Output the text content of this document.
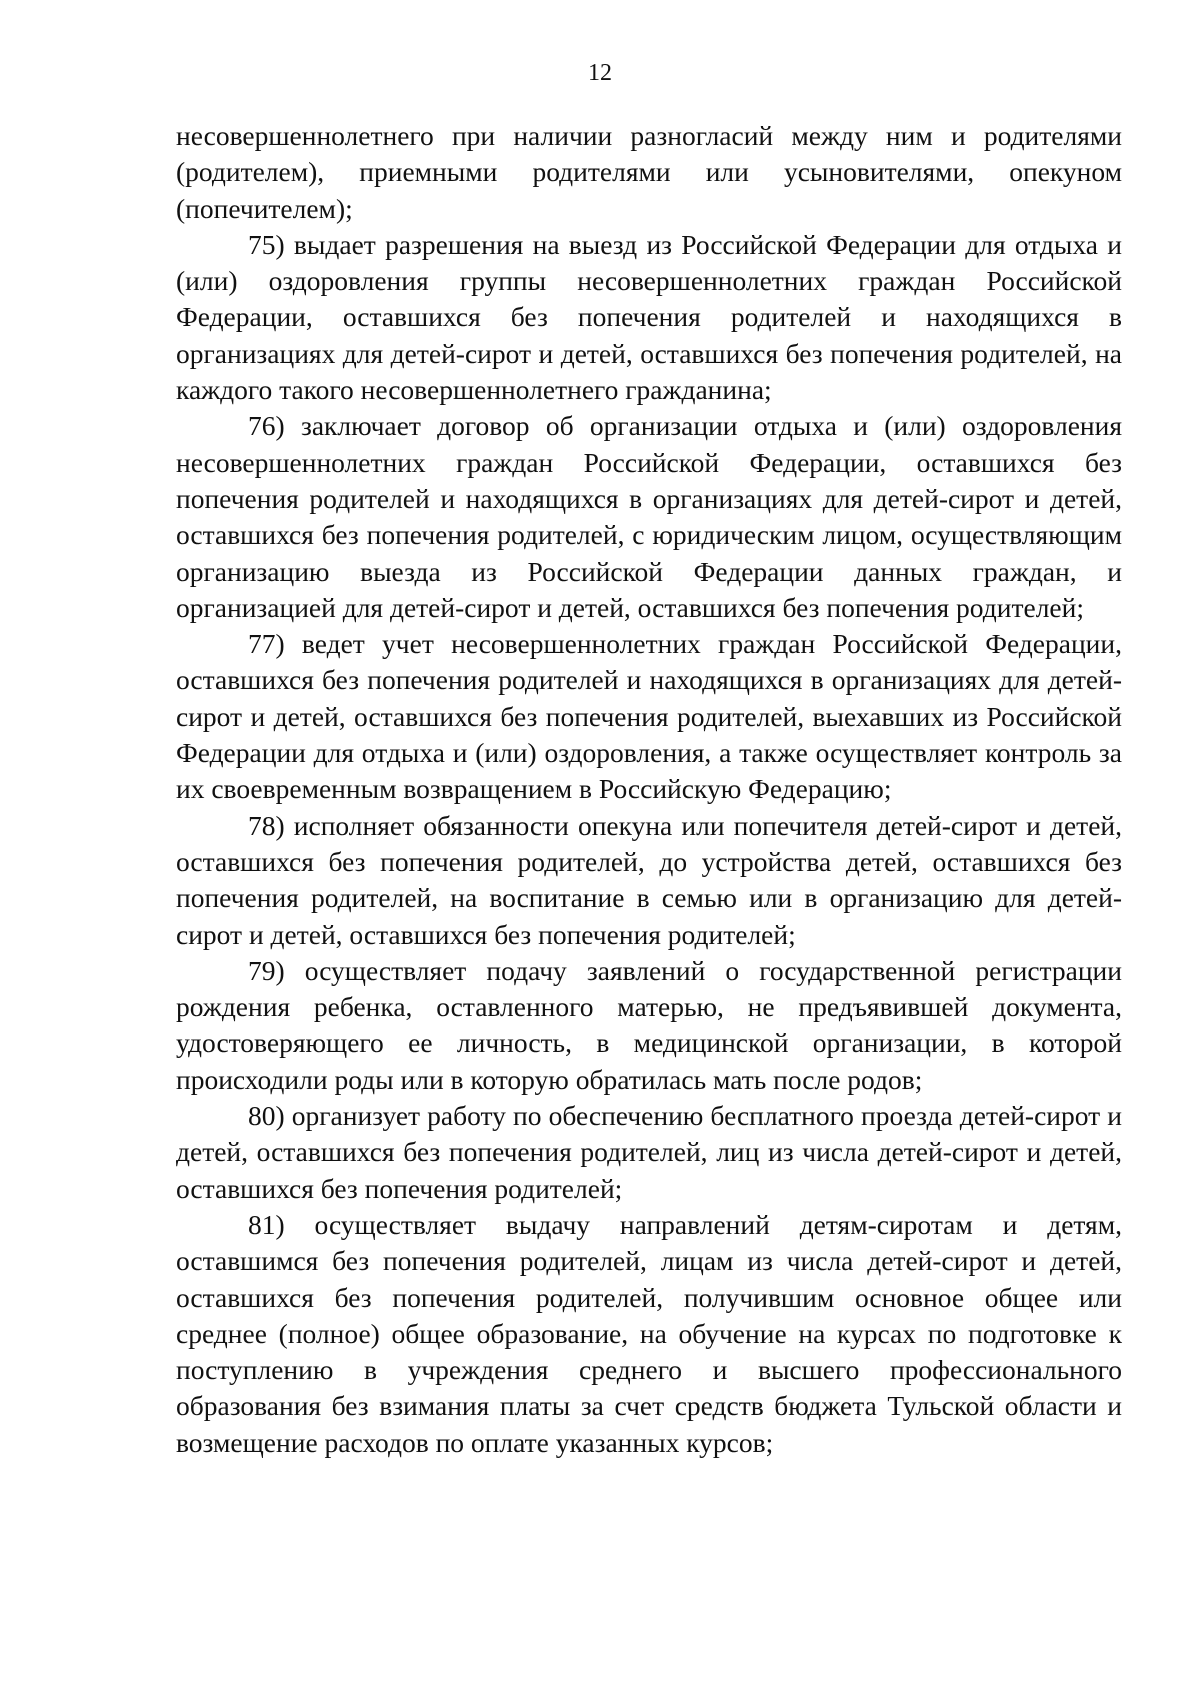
12

несовершеннолетнего при наличии разногласий между ним и родителями (родителем), приемными родителями или усыновителями, опекуном (попечителем);

75) выдает разрешения на выезд из Российской Федерации для отдыха и (или) оздоровления группы несовершеннолетних граждан Российской Федерации, оставшихся без попечения родителей и находящихся в организациях для детей-сирот и детей, оставшихся без попечения родителей, на каждого такого несовершеннолетнего гражданина;

76) заключает договор об организации отдыха и (или) оздоровления несовершеннолетних граждан Российской Федерации, оставшихся без попечения родителей и находящихся в организациях для детей-сирот и детей, оставшихся без попечения родителей, с юридическим лицом, осуществляющим организацию выезда из Российской Федерации данных граждан, и организацией для детей-сирот и детей, оставшихся без попечения родителей;

77) ведет учет несовершеннолетних граждан Российской Федерации, оставшихся без попечения родителей и находящихся в организациях для детей-сирот и детей, оставшихся без попечения родителей, выехавших из Российской Федерации для отдыха и (или) оздоровления, а также осуществляет контроль за их своевременным возвращением в Российскую Федерацию;

78) исполняет обязанности опекуна или попечителя детей-сирот и детей, оставшихся без попечения родителей, до устройства детей, оставшихся без попечения родителей, на воспитание в семью или в организацию для детей-сирот и детей, оставшихся без попечения родителей;

79) осуществляет подачу заявлений о государственной регистрации рождения ребенка, оставленного матерью, не предъявившей документа, удостоверяющего ее личность, в медицинской организации, в которой происходили роды или в которую обратилась мать после родов;

80) организует работу по обеспечению бесплатного проезда детей-сирот и детей, оставшихся без попечения родителей, лиц из числа детей-сирот и детей, оставшихся без попечения родителей;

81) осуществляет выдачу направлений детям-сиротам и детям, оставшимся без попечения родителей, лицам из числа детей-сирот и детей, оставшихся без попечения родителей, получившим основное общее или среднее (полное) общее образование, на обучение на курсах по подготовке к поступлению в учреждения среднего и высшего профессионального образования без взимания платы за счет средств бюджета Тульской области и возмещение расходов по оплате указанных курсов;
